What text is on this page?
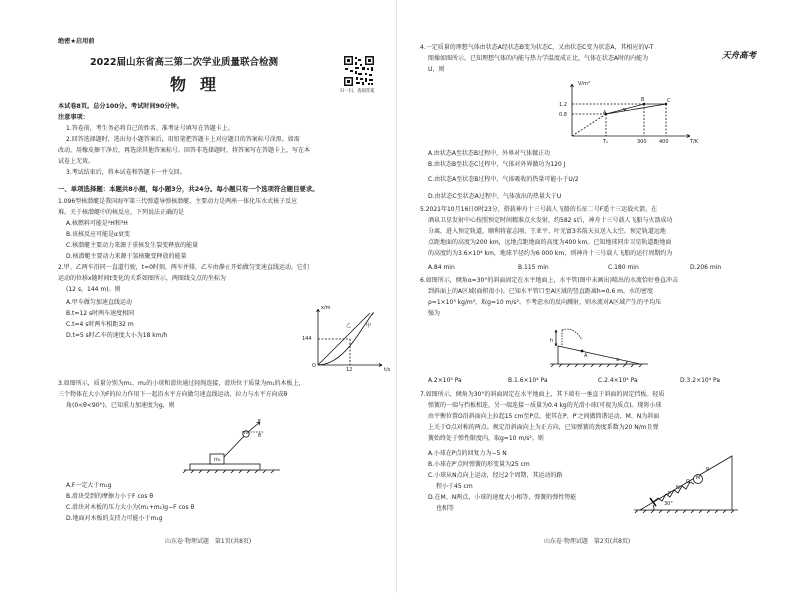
绝密★启用前
2022届山东省高三第二次学业质量联合检测
物理	扫一扫，查阅答案
本试卷8页。总分100分。考试时间90分钟。
注意事项：
1.答卷前，考生务必将自己的姓名、准考证号填写在答题卡上。
2.回答选择题时，选出每小题答案后，用铅笔把答题卡上对应题目的答案标号涂黑。如需
改动，用橡皮擦干净后，再选涂其他答案标号。回答非选择题时，将答案写在答题卡上，写在本
试卷上无效。
3.考试结束后，将本试卷和答题卡一并交回。
一、单项选择题：本题共8小题，每小题3分，共24分。每小题只有一个选项符合题目要求。
1.096型核潜艇是我国海军第三代弹道导弹核潜艇，主要动力是两座一体化压水式核子反应
堆。关于核潜艇中的核反应，下列说法正确的是
A.核燃料可能是²H和³H
B.该核反应可能是α衰变
C.核潜艇主要动力来源于重核发生裂变释放的能量
D.核潜艇主要动力来源于氢核聚变释放的能量
2.甲、乙两车沿同一直道行驶，t=0时刻，两车并排，乙车由静止开始做匀变速直线运动。它们
运动的位移x随时间t变化的关系如图所示，两图线交点的坐标为
(12 s，144 m)。则
A.甲车做匀加速直线运动
B.t=12 s时两车速度相同
C.t=4 s时两车相距32 m
D.t=5 s时乙车的速度大小为18 km/h
x/m
t/s
O
12
144
乙	甲
3.如图所示，质量分别为m₁、m₂的小球和滑块通过轻绳连接，滑块位于质量为m₁的木板上，
三个物体在大小为F的拉力作用下一起沿水平方向做匀速直线运动，拉力与水平方向成θ
角(0<θ<90°)。已知重力加速度为g，则
m₁
m₁
F
θ
A.F一定大于m₁g
B.滑块受到的摩擦力小于F cos θ
C.滑块对木板的压力大小为(m₁+m₂)g−F cos θ
D.地面对木板的支持力可能小于m₁g
山东卷·物理试题　第1页(共8页)
天舟高考
4.一定质量的理想气体由状态A经状态B变为状态C，又由状态C变为状态A，其相应的V-T
图像如图所示。已知理想气体的内能与热力学温度成正比，气体在状态A时的内能为
U，则
V/m³
T/K
1.2
0.8
T₁	300 400
A
B	C
A.由状态A至状态B过程中，外界对气体做正功
B.由状态B至状态C过程中，气体对外界做功为120 J
C.由状态A至状态B过程中，气体吸收的热量可能小于U/2
D.由状态C至状态A过程中，气体放出的热量大于U
5.2021年10月16日0时23分，搭载神舟十三号载人飞船的长征二号F遥十三运载火箭，在
酒泉卫星发射中心按照预定时间精准点火发射，约582 s后，神舟十三号载人飞船与火箭成功
分离，进入预定轨道，顺利将翟志刚、王亚平、叶光富3名航天员送入太空。预定轨道远地
点距地面的高度为200 km，远地点距地面的高度为400 km。已知地球同步卫星轨道距地面
的高度约为3.6×10⁴ km，地球半径约为6 000 km，则神舟十三号载人飞船的运行周期约为
A.84 min	B.115 min	C.180 min	D.206 min
6.如图所示，倾角α=30°的斜面固定在水平地面上，水平管(图中未画出)喷出的水流恰好垂直冲击
到斜面上的A区域(面积很小)。已知水平管口至A区域的竖直距离h=0.6 m，水的密度
ρ=1×10³ kg/m³，取g=10 m/s²。不考虑水的反向溅射，则水流对A区域产生的平均压
强为
h
A
α
A.2×10³ Pa	B.1.6×10⁴ Pa	C.2.4×10⁴ Pa	D.3.2×10⁴ Pa
7.如图所示，倾角为30°的斜面固定在水平地面上，其下端有一垂直于斜面的固定挡板。轻质
弹簧的一端与挡板相连，另一端连接一质量为0.4 kg的光滑小球(可视为质点)。现将小球
由平衡位置O沿斜面向上拉起15 cm至P点，使其在P、P′之间做简谐运动，M、N为斜面
上关于O点对称的两点。规定沿斜面向上为正方向，已知弹簧的劲度系数为20 N/m且弹
簧始终处于弹性限度内，取g=10 m/s²。则
A.小球在P点的回复力为−5 N
B.小球在P′点时弹簧的形变量为25 cm
C.小球从N点向上运动，经过2个周期，其运动的路
程小于45 cm
D.在M、N两点，小球的速度大小相等，弹簧的弹性势能
也相等
30°
P
O
M
N
P′
山东卷·物理试题　第2页(共8页)
